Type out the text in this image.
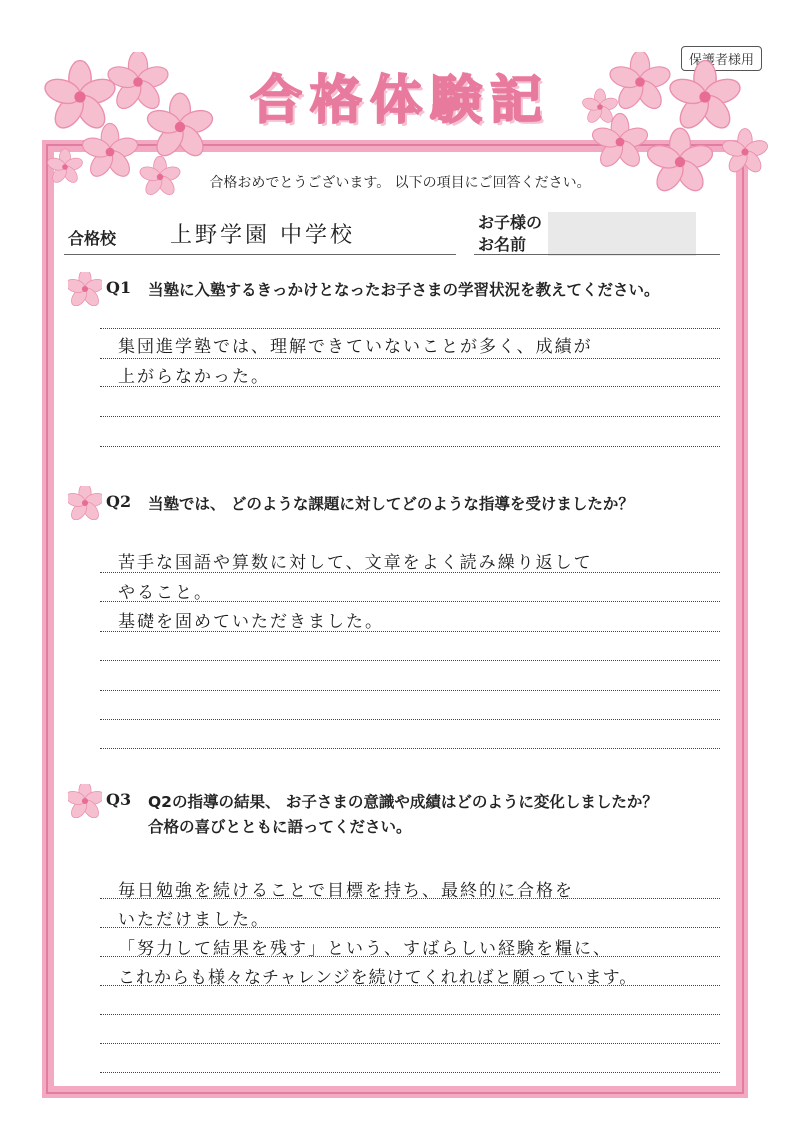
保護者様用
合格体験記
合格おめでとうございます。 以下の項目にご回答ください。
合格校 上野学園 中学校
お子様の
お名前
Q1	当塾に入塾するきっかけとなったお子さまの学習状況を教えてください。
集団進学塾では、理解できていないことが多く、成績が
上がらなかった。
Q2	当塾では、 どのような課題に対してどのような指導を受けましたか？
苦手な国語や算数に対して、文章をよく読み繰り返して
やること。
基礎を固めていただきました。
Q3	Q2の指導の結果、 お子さまの意識や成績はどのように変化しましたか？
合格の喜びとともに語ってください。
毎日勉強を続けることで目標を持ち、最終的に合格を
いただけました。
「努力して結果を残す」という、すばらしい経験を糧に、
これからも様々なチャレンジを続けてくれればと願っています。
